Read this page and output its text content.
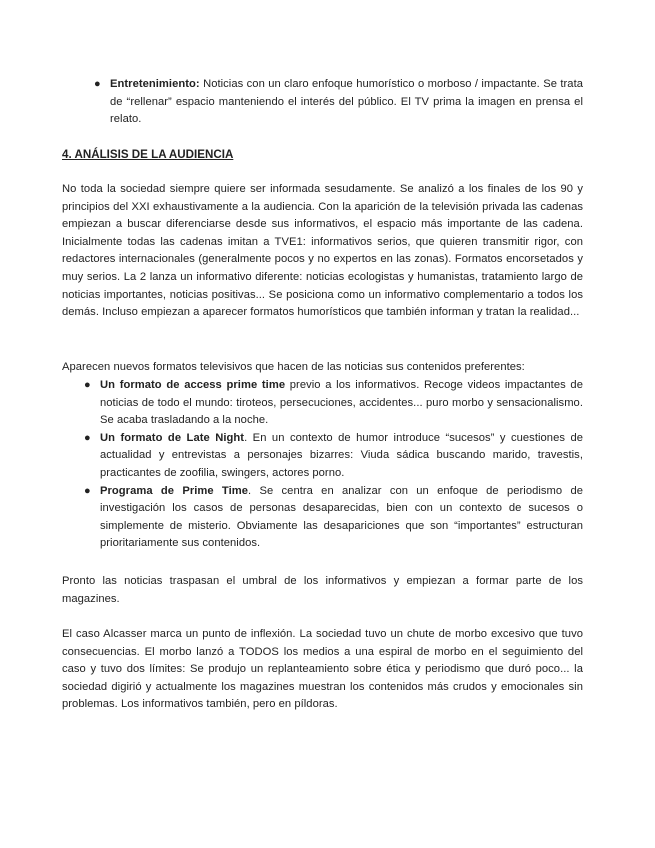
● Entretenimiento: Noticias con un claro enfoque humorístico o morboso / impactante. Se trata de “rellenar” espacio manteniendo el interés del público. El TV prima la imagen en prensa el relato.
4. ANÁLISIS DE LA AUDIENCIA

No toda la sociedad siempre quiere ser informada sesudamente. Se analizó a los finales de los 90 y principios del XXI exhaustivamente a la audiencia. Con la aparición de la televisión privada las cadenas empiezan a buscar diferenciarse desde sus informativos, el espacio más importante de las cadena. Inicialmente todas las cadenas imitan a TVE1: informativos serios, que quieren transmitir rigor, con redactores internacionales (generalmente pocos y no expertos en las zonas). Formatos encorsetados y muy serios. La 2 lanza un informativo diferente: noticias ecologistas y humanistas, tratamiento largo de noticias importantes, noticias positivas... Se posiciona como un informativo complementario a todos los demás. Incluso empiezan a aparecer formatos humorísticos que también informan y tratan la realidad...

Aparecen nuevos formatos televisivos que hacen de las noticias sus contenidos preferentes:

● Un formato de access prime time previo a los informativos. Recoge videos impactantes de noticias de todo el mundo: tiroteos, persecuciones, accidentes... puro morbo y sensacionalismo. Se acaba trasladando a la noche.
● Un formato de Late Night. En un contexto de humor introduce “sucesos” y cuestiones de actualidad y entrevistas a personajes bizarres: Viuda sádica buscando marido, travestis, practicantes de zoofilia, swingers, actores porno.
● Programa de Prime Time. Se centra en analizar con un enfoque de periodismo de investigación los casos de personas desaparecidas, bien con un contexto de sucesos o simplemente de misterio. Obviamente las desapariciones que son “importantes” estructuran prioritariamente sus contenidos.

Pronto las noticias traspasan el umbral de los informativos y empiezan a formar parte de los magazines.

El caso Alcasser marca un punto de inflexión. La sociedad tuvo un chute de morbo excesivo que tuvo consecuencias. El morbo lanzó a TODOS los medios a una espiral de morbo en el seguimiento del caso y tuvo dos límites: Se produjo un replanteamiento sobre ética y periodismo que duró poco... la sociedad digirió y actualmente los magazines muestran los contenidos más crudos y emocionales sin problemas. Los informativos también, pero en píldoras.
